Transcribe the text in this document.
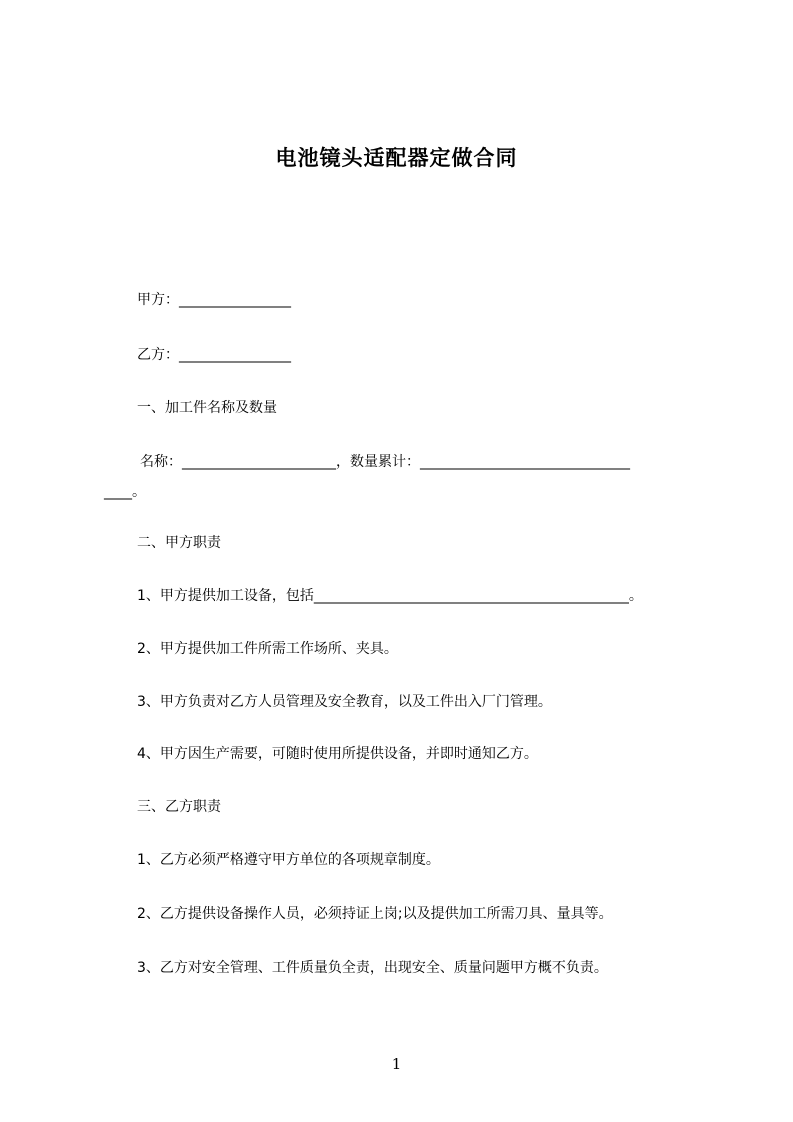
电池镜头适配器定做合同
甲方：________________
乙方：________________
一、加工件名称及数量
名称：______________________，数量累计：______________________________
____。
二、甲方职责
1、甲方提供加工设备，包括_____________________________________________。
2、甲方提供加工件所需工作场所、夹具。
3、甲方负责对乙方人员管理及安全教育，以及工件出入厂门管理。
4、甲方因生产需要，可随时使用所提供设备，并即时通知乙方。
三、乙方职责
1、乙方必须严格遵守甲方单位的各项规章制度。
2、乙方提供设备操作人员，必须持证上岗;以及提供加工所需刀具、量具等。
3、乙方对安全管理、工件质量负全责，出现安全、质量问题甲方概不负责。
1
